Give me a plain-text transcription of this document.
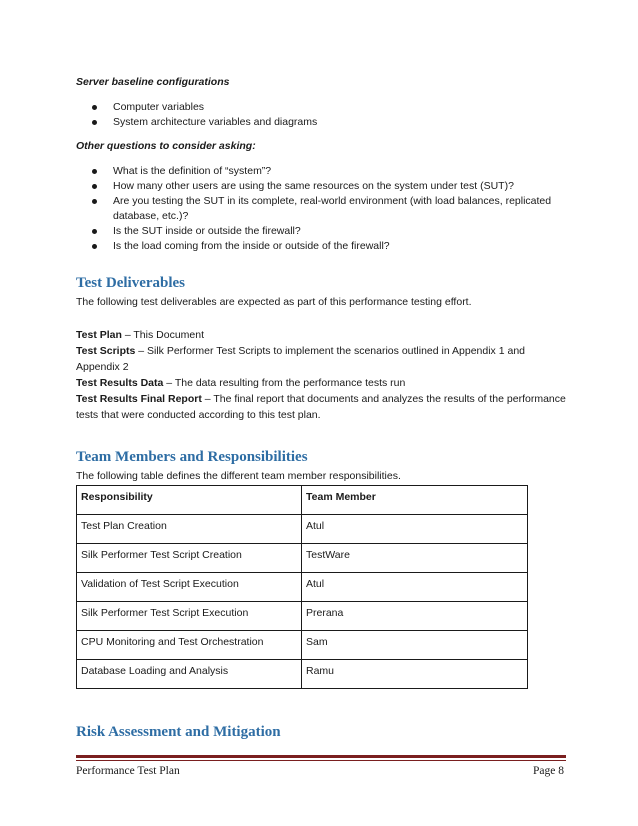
Server baseline configurations
Computer variables
System architecture variables and diagrams
Other questions to consider asking:
What is the definition of “system”?
How many other users are using the same resources on the system under test (SUT)?
Are you testing the SUT in its complete, real-world environment (with load balances, replicated database, etc.)?
Is the SUT inside or outside the firewall?
Is the load coming from the inside or outside of the firewall?
Test Deliverables
The following test deliverables are expected as part of this performance testing effort.
Test Plan – This Document
Test Scripts – Silk Performer Test Scripts to implement the scenarios outlined in Appendix 1 and Appendix 2
Test Results Data – The data resulting from the performance tests run
Test Results Final Report – The final report that documents and analyzes the results of the performance tests that were conducted according to this test plan.
Team Members and Responsibilities
The following table defines the different team member responsibilities.
Responsibility	Team Member
Test Plan Creation	Atul
Silk Performer Test Script Creation	TestWare
Validation of Test Script Execution	Atul
Silk Performer Test Script Execution	Prerana
CPU Monitoring and Test Orchestration	Sam
Database Loading and Analysis	Ramu
Risk Assessment and Mitigation
Performance Test Plan	Page 8
